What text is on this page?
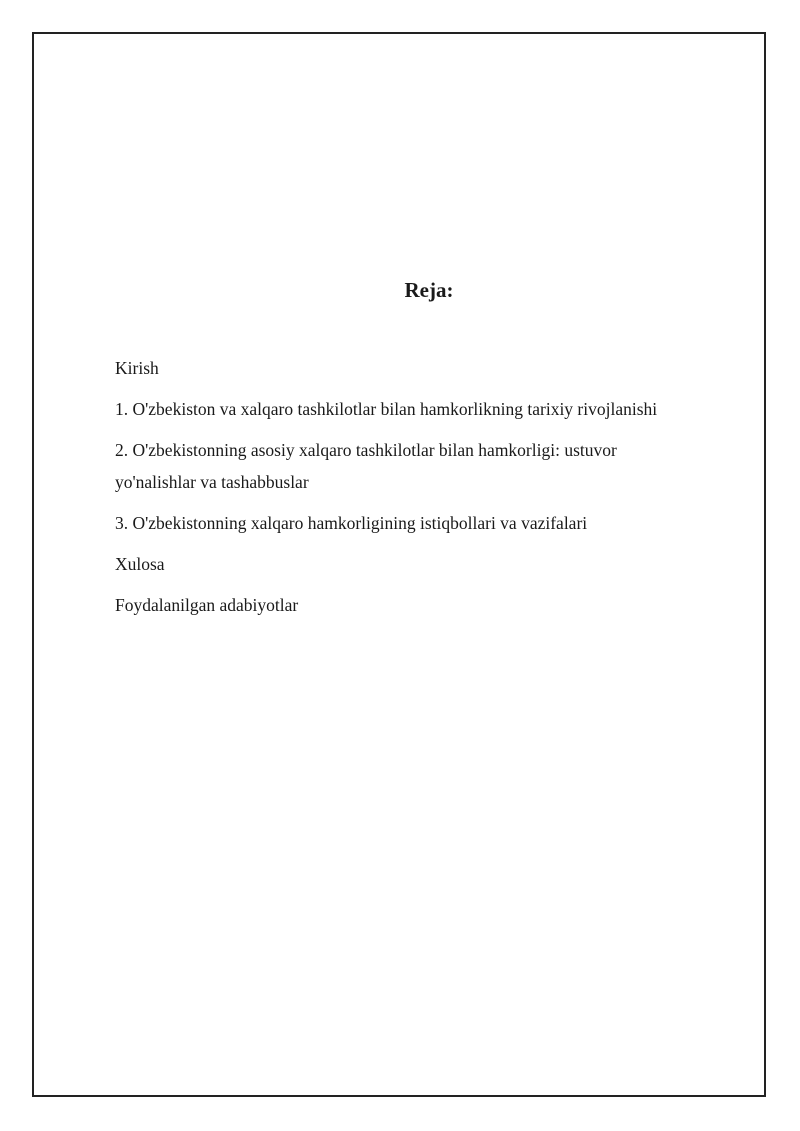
Reja:
Kirish
1. O'zbekiston va xalqaro tashkilotlar bilan hamkorlikning tarixiy rivojlanishi
2. O'zbekistonning asosiy xalqaro tashkilotlar bilan hamkorligi: ustuvor yo'nalishlar va tashabbuslar
3. O'zbekistonning xalqaro hamkorligining istiqbollari va vazifalari
Xulosa
Foydalanilgan adabiyotlar
